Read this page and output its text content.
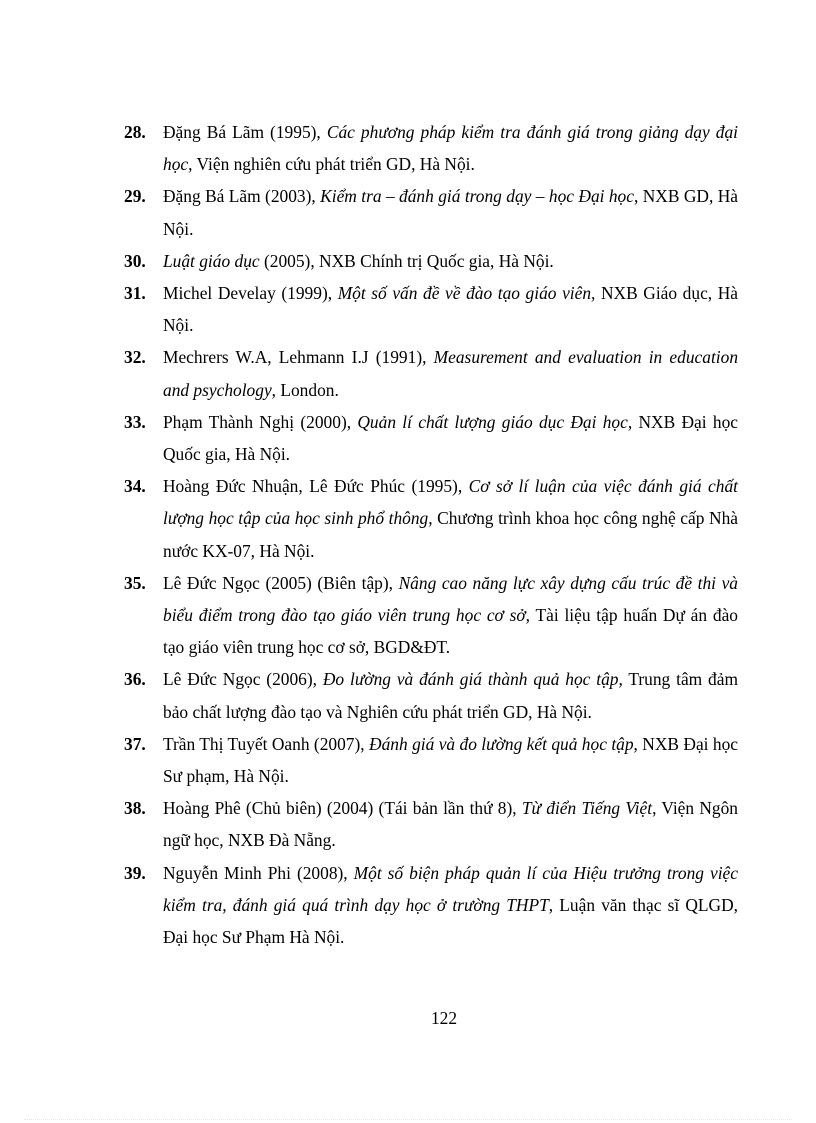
28. Đặng Bá Lãm (1995), Các phương pháp kiểm tra đánh giá trong giảng dạy đại học, Viện nghiên cứu phát triển GD, Hà Nội.

29. Đặng Bá Lãm (2003), Kiểm tra – đánh giá trong dạy – học Đại học, NXB GD, Hà Nội.

30. Luật giáo dục (2005), NXB Chính trị Quốc gia, Hà Nội.

31. Michel Develay (1999), Một số vấn đề về đào tạo giáo viên, NXB Giáo dục, Hà Nội.

32. Mechrers W.A, Lehmann I.J (1991), Measurement and evaluation in education and psychology, London.

33. Phạm Thành Nghị (2000), Quản lí chất lượng giáo dục Đại học, NXB Đại học Quốc gia, Hà Nội.

34. Hoàng Đức Nhuận, Lê Đức Phúc (1995), Cơ sở lí luận của việc đánh giá chất lượng học tập của học sinh phổ thông, Chương trình khoa học công nghệ cấp Nhà nước KX-07, Hà Nội.

35. Lê Đức Ngọc (2005) (Biên tập), Nâng cao năng lực xây dựng cấu trúc đề thi và biểu điểm trong đào tạo giáo viên trung học cơ sở, Tài liệu tập huấn Dự án đào tạo giáo viên trung học cơ sở, BGD&ĐT.

36. Lê Đức Ngọc (2006), Đo lường và đánh giá thành quả học tập, Trung tâm đảm bảo chất lượng đào tạo và Nghiên cứu phát triển GD, Hà Nội.

37. Trần Thị Tuyết Oanh (2007), Đánh giá và đo lường kết quả học tập, NXB Đại học Sư phạm, Hà Nội.

38. Hoàng Phê (Chủ biên) (2004) (Tái bản lần thứ 8), Từ điển Tiếng Việt, Viện Ngôn ngữ học, NXB Đà Nẵng.

39. Nguyễn Minh Phi (2008), Một số biện pháp quản lí của Hiệu trưởng trong việc kiểm tra, đánh giá quá trình dạy học ở trường THPT, Luận văn thạc sĩ QLGD, Đại học Sư Phạm Hà Nội.

122
